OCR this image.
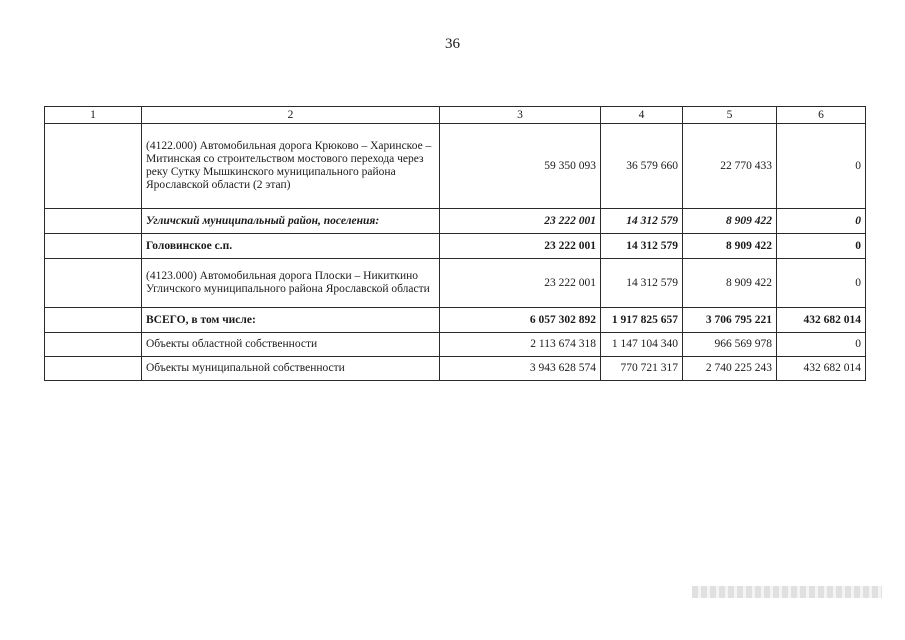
36
1	2	3	4	5	6
	(4122.000) Автомобильная дорога Крюково – Харинское – Митинская со строительством мостового перехода через реку Сутку Мышкинского муниципального района Ярославской области (2 этап)	59 350 093	36 579 660	22 770 433	0
	Угличский муниципальный район, поселения:	23 222 001	14 312 579	8 909 422	0
	Головинское с.п.	23 222 001	14 312 579	8 909 422	0
	(4123.000) Автомобильная дорога Плоски – Никиткино Угличского муниципального района Ярославской области	23 222 001	14 312 579	8 909 422	0
	ВСЕГО, в том числе:	6 057 302 892	1 917 825 657	3 706 795 221	432 682 014
	Объекты областной собственности	2 113 674 318	1 147 104 340	966 569 978	0
	Объекты муниципальной собственности	3 943 628 574	770 721 317	2 740 225 243	432 682 014
